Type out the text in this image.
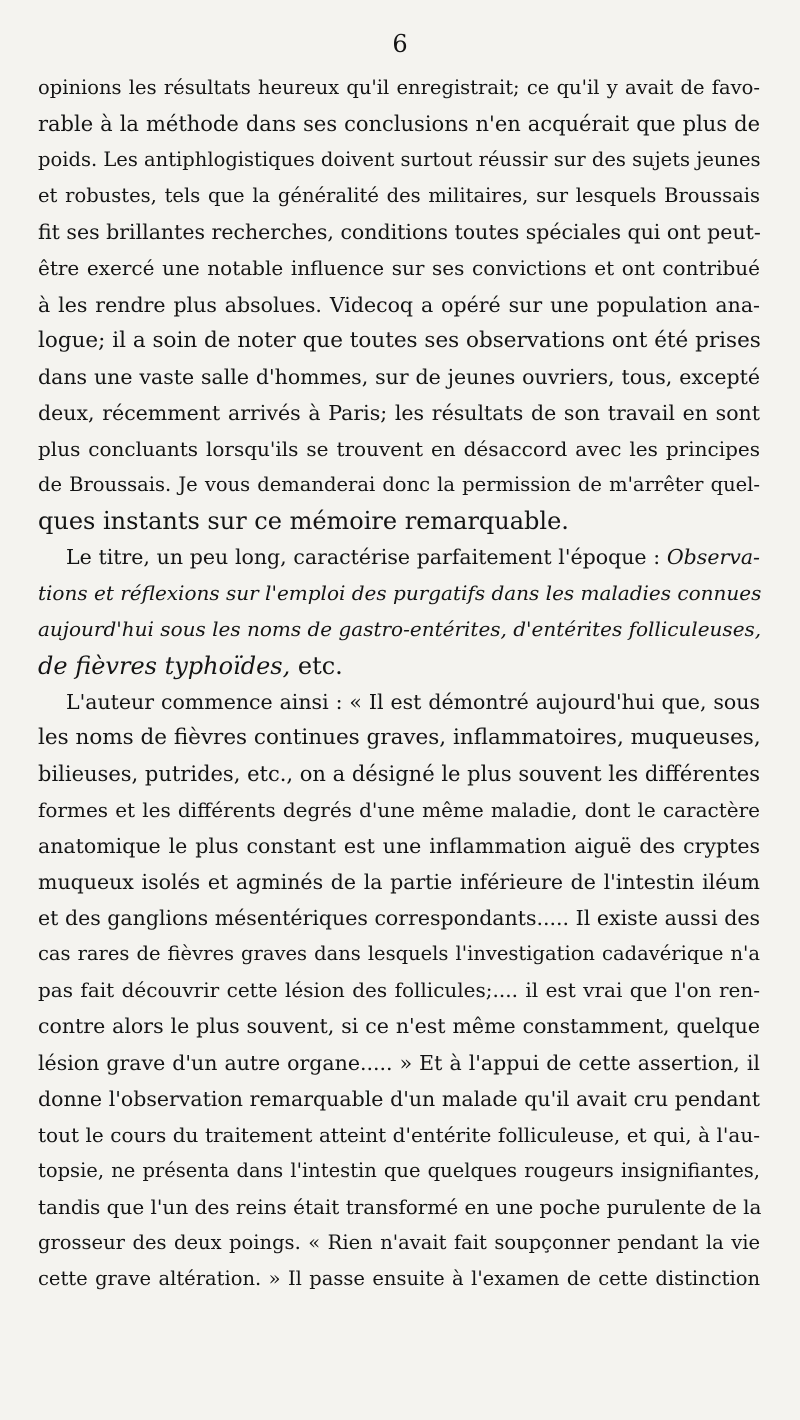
6
opinions les résultats heureux qu'il enregistrait; ce qu'il y avait de favo-
rable à la méthode dans ses conclusions n'en acquérait que plus de
poids. Les antiphlogistiques doivent surtout réussir sur des sujets jeunes
et robustes, tels que la généralité des militaires, sur lesquels Broussais
fit ses brillantes recherches, conditions toutes spéciales qui ont peut-
être exercé une notable influence sur ses convictions et ont contribué
à les rendre plus absolues. Videcoq a opéré sur une population ana-
logue; il a soin de noter que toutes ses observations ont été prises
dans une vaste salle d'hommes, sur de jeunes ouvriers, tous, excepté
deux, récemment arrivés à Paris; les résultats de son travail en sont
plus concluants lorsqu'ils se trouvent en désaccord avec les principes
de Broussais. Je vous demanderai donc la permission de m'arrêter quel-
ques instants sur ce mémoire remarquable.
Le titre, un peu long, caractérise parfaitement l'époque : Observa-
tions et réflexions sur l'emploi des purgatifs dans les maladies connues
aujourd'hui sous les noms de gastro-entérites, d'entérites folliculeuses,
de fièvres typhoïdes, etc.
L'auteur commence ainsi : « Il est démontré aujourd'hui que, sous
les noms de fièvres continues graves, inflammatoires, muqueuses,
bilieuses, putrides, etc., on a désigné le plus souvent les différentes
formes et les différents degrés d'une même maladie, dont le caractère
anatomique le plus constant est une inflammation aiguë des cryptes
muqueux isolés et agminés de la partie inférieure de l'intestin iléum
et des ganglions mésentériques correspondants..... Il existe aussi des
cas rares de fièvres graves dans lesquels l'investigation cadavérique n'a
pas fait découvrir cette lésion des follicules;.... il est vrai que l'on ren-
contre alors le plus souvent, si ce n'est même constamment, quelque
lésion grave d'un autre organe..... » Et à l'appui de cette assertion, il
donne l'observation remarquable d'un malade qu'il avait cru pendant
tout le cours du traitement atteint d'entérite folliculeuse, et qui, à l'au-
topsie, ne présenta dans l'intestin que quelques rougeurs insignifiantes,
tandis que l'un des reins était transformé en une poche purulente de la
grosseur des deux poings. « Rien n'avait fait soupçonner pendant la vie
cette grave altération. » Il passe ensuite à l'examen de cette distinction
